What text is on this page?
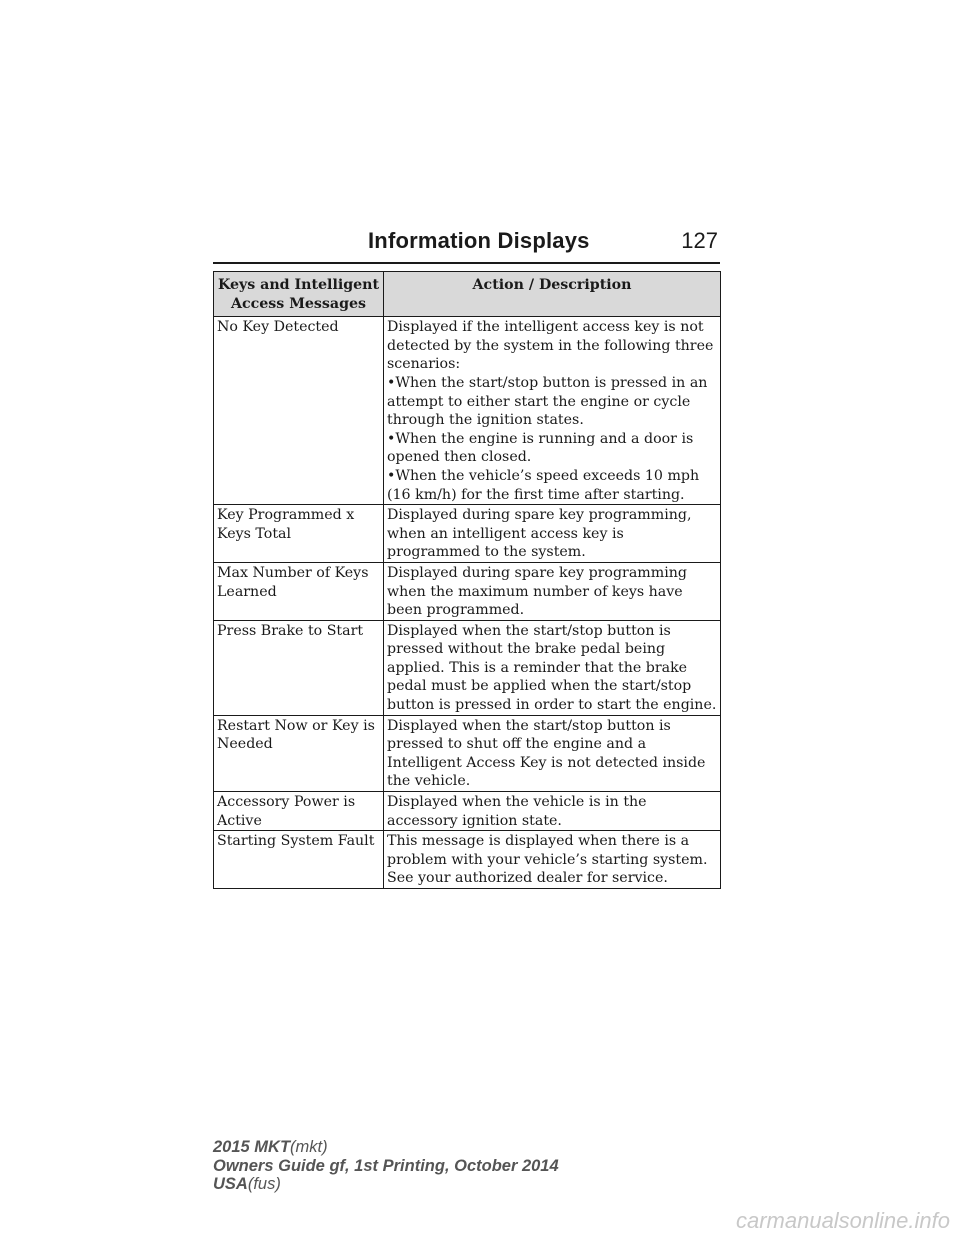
Information Displays	127
Keys and Intelligent
Access Messages	Action / Description
No Key Detected	Displayed if the intelligent access key is not detected by the system in the following three scenarios:
•When the start/stop button is pressed in an attempt to either start the engine or cycle through the ignition states.
•When the engine is running and a door is opened then closed.
•When the vehicle’s speed exceeds 10 mph (16 km/h) for the first time after starting.

Key Programmed x
Keys Total	Displayed during spare key programming, when an intelligent access key is programmed to the system.

Max Number of Keys
Learned	Displayed during spare key programming when the maximum number of keys have been programmed.

Press Brake to Start	Displayed when the start/stop button is pressed without the brake pedal being applied. This is a reminder that the brake pedal must be applied when the start/stop button is pressed in order to start the engine.

Restart Now or Key is
Needed	Displayed when the start/stop button is pressed to shut off the engine and a Intelligent Access Key is not detected inside the vehicle.

Accessory Power is
Active	Displayed when the vehicle is in the accessory ignition state.

Starting System Fault	This message is displayed when there is a problem with your vehicle’s starting system. See your authorized dealer for service.
2015 MKT(mkt)
Owners Guide gf, 1st Printing, October 2014
USA(fus)
carmanualsonline.info
